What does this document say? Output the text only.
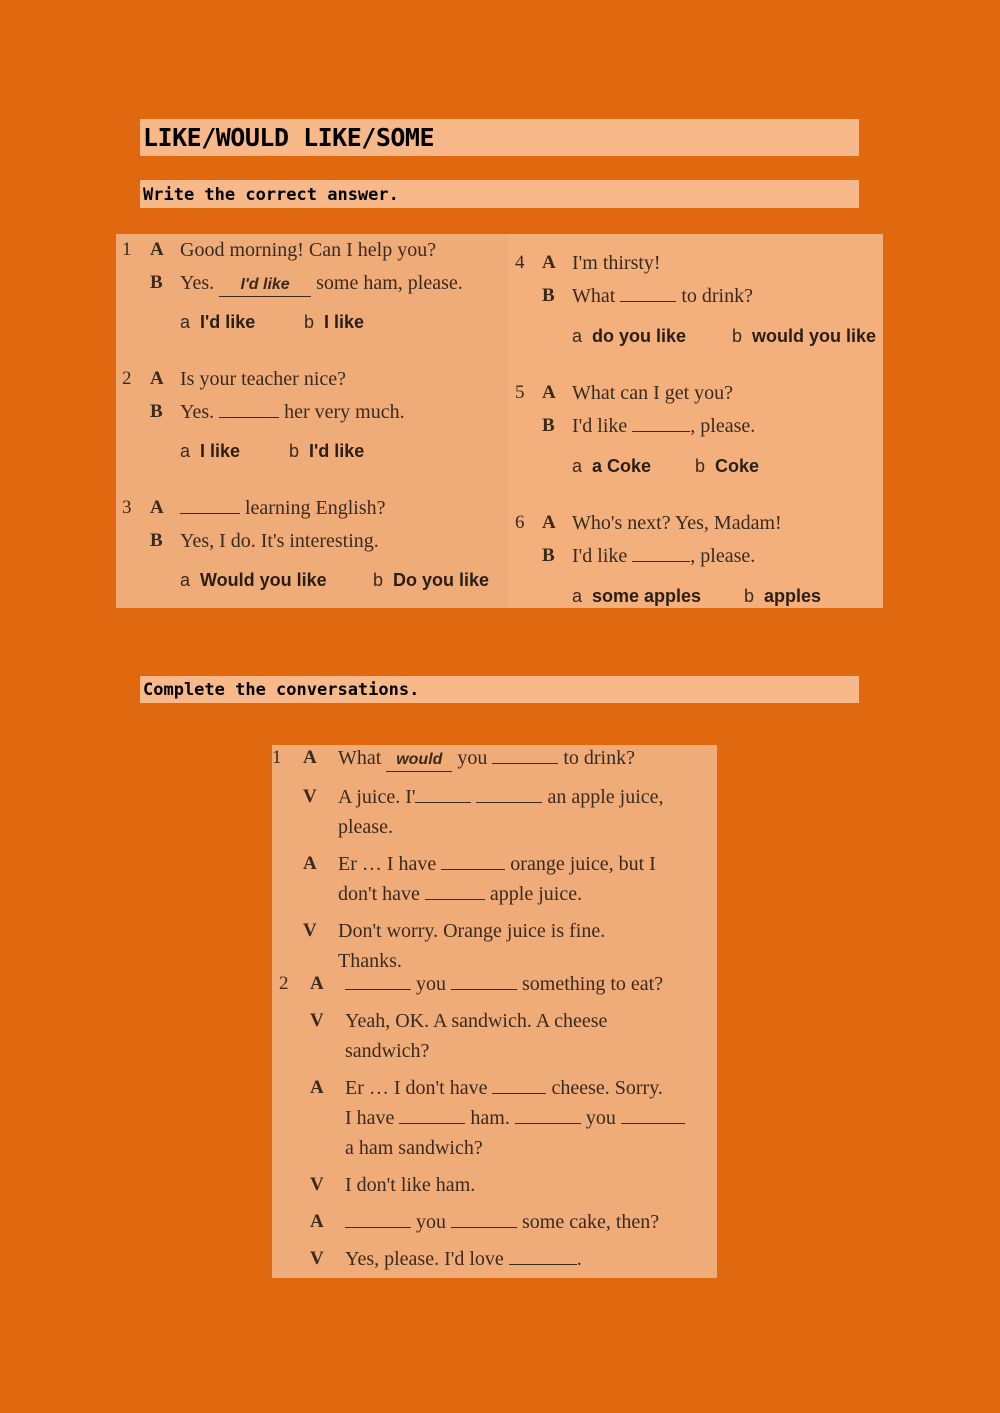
LIKE/WOULD LIKE/SOME
Write the correct answer.
1 A Good morning! Can I help you?
B Yes. I'd like some ham, please.
a I'd like	b I like
2 A Is your teacher nice?
B Yes.	her very much.
a I like	b I'd like
3 A	learning English?
B Yes, I do. It's interesting.
a Would you like	b Do you like
4 A I'm thirsty!
B What	to drink?
a do you like	b would you like
5 A What can I get you?
B I'd like	, please.
a a Coke b Coke
6 A Who's next? Yes, Madam!
B I'd like	, please.
a some apples b apples
Complete the conversations.
1 A What would you	to drink?
V A juice. I'	an apple juice,
please.
A Er … I have	orange juice, but I
don't have	apple juice.
V Don't worry. Orange juice is fine.
Thanks.
2 A	you	something to eat?
V Yeah, OK. A sandwich. A cheese
sandwich?
A Er … I don't have	cheese. Sorry.
I have	ham.	you
a ham sandwich?
V I don't like ham.
A	you	some cake, then?
V Yes, please. I'd love	.
